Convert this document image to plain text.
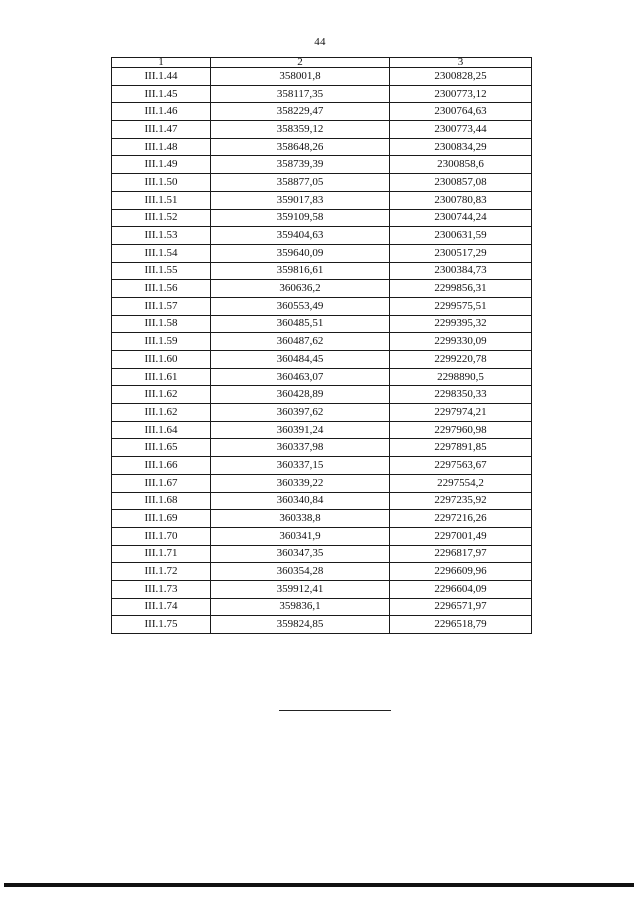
44
1	2	3
III.1.44	358001,8	2300828,25
III.1.45	358117,35	2300773,12
III.1.46	358229,47	2300764,63
III.1.47	358359,12	2300773,44
III.1.48	358648,26	2300834,29
III.1.49	358739,39	2300858,6
III.1.50	358877,05	2300857,08
III.1.51	359017,83	2300780,83
III.1.52	359109,58	2300744,24
III.1.53	359404,63	2300631,59
III.1.54	359640,09	2300517,29
III.1.55	359816,61	2300384,73
III.1.56	360636,2	2299856,31
III.1.57	360553,49	2299575,51
III.1.58	360485,51	2299395,32
III.1.59	360487,62	2299330,09
III.1.60	360484,45	2299220,78
III.1.61	360463,07	2298890,5
III.1.62	360428,89	2298350,33
III.1.62	360397,62	2297974,21
III.1.64	360391,24	2297960,98
III.1.65	360337,98	2297891,85
III.1.66	360337,15	2297563,67
III.1.67	360339,22	2297554,2
III.1.68	360340,84	2297235,92
III.1.69	360338,8	2297216,26
III.1.70	360341,9	2297001,49
III.1.71	360347,35	2296817,97
III.1.72	360354,28	2296609,96
III.1.73	359912,41	2296604,09
III.1.74	359836,1	2296571,97
III.1.75	359824,85	2296518,79
